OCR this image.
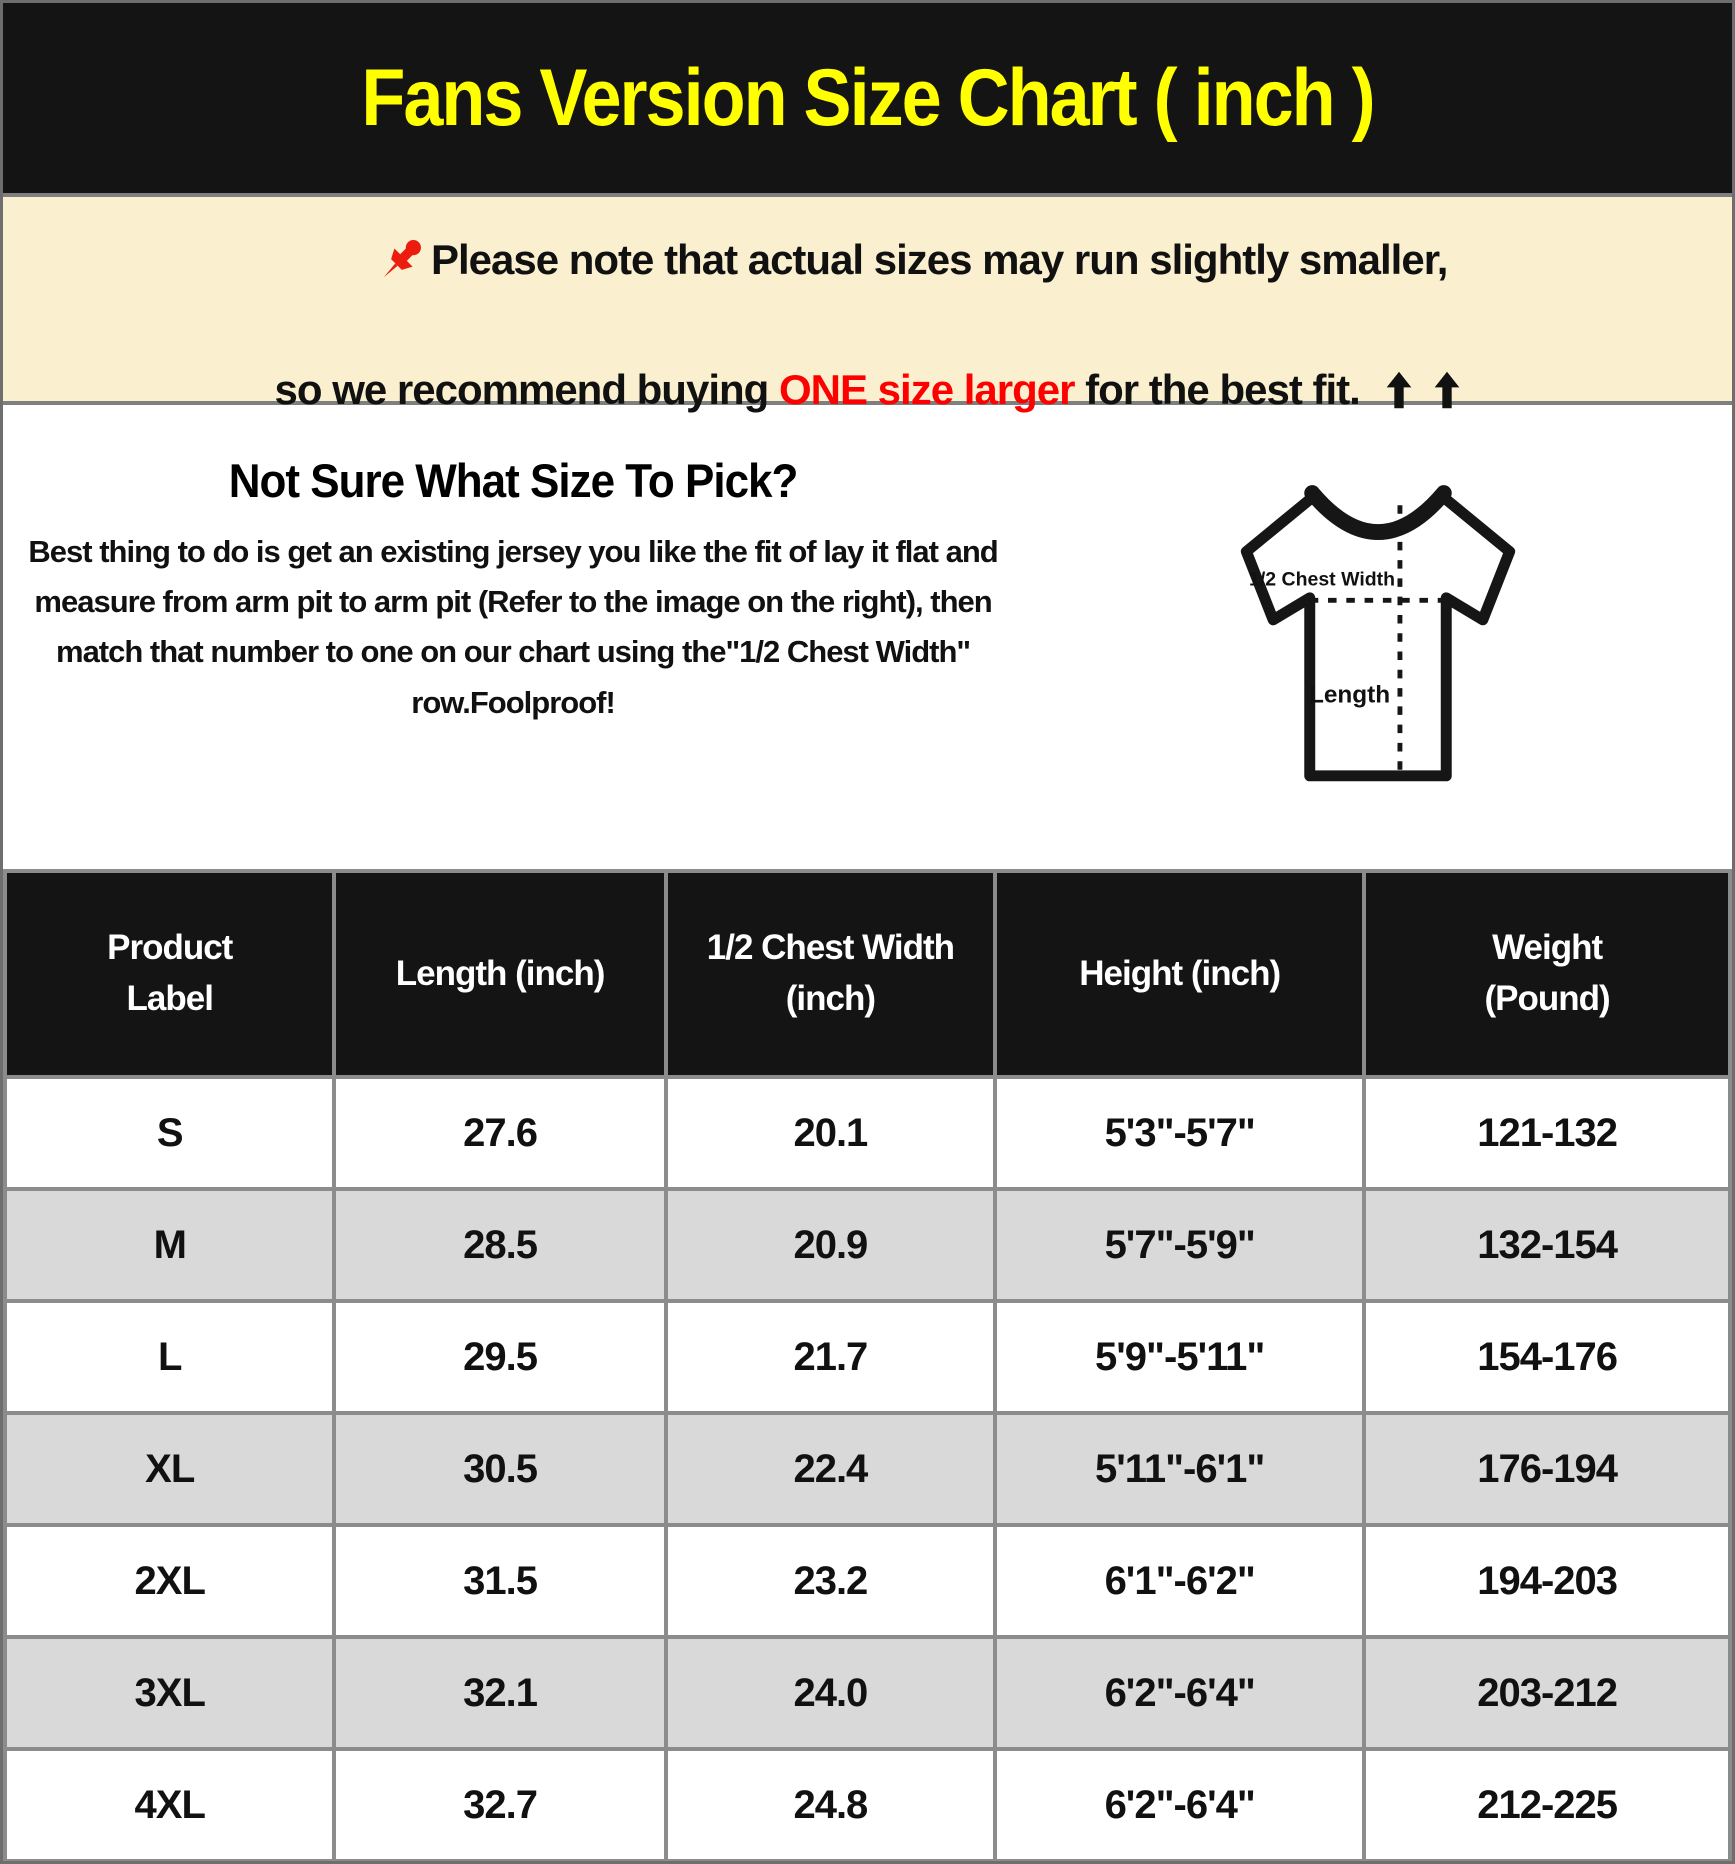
Fans Version Size Chart ( inch )

Please note that actual sizes may run slightly smaller,
so we recommend buying ONE size larger for the best fit.
Not Sure What Size To Pick?

Best thing to do is get an existing jersey you like the fit of lay it flat and measure from arm pit to arm pit (Refer to the image on the right), then match that number to one on our chart using the"1/2 Chest Width" row.Foolproof!

1/2 Chest Width
Length
Product Label	Length (inch)	1/2 Chest Width (inch)	Height (inch)	Weight (Pound)
S	27.6	20.1	5'3"-5'7"	121-132
M	28.5	20.9	5'7"-5'9"	132-154
L	29.5	21.7	5'9"-5'11"	154-176
XL	30.5	22.4	5'11"-6'1"	176-194
2XL	31.5	23.2	6'1"-6'2"	194-203
3XL	32.1	24.0	6'2"-6'4"	203-212
4XL	32.7	24.8	6'2"-6'4"	212-225
